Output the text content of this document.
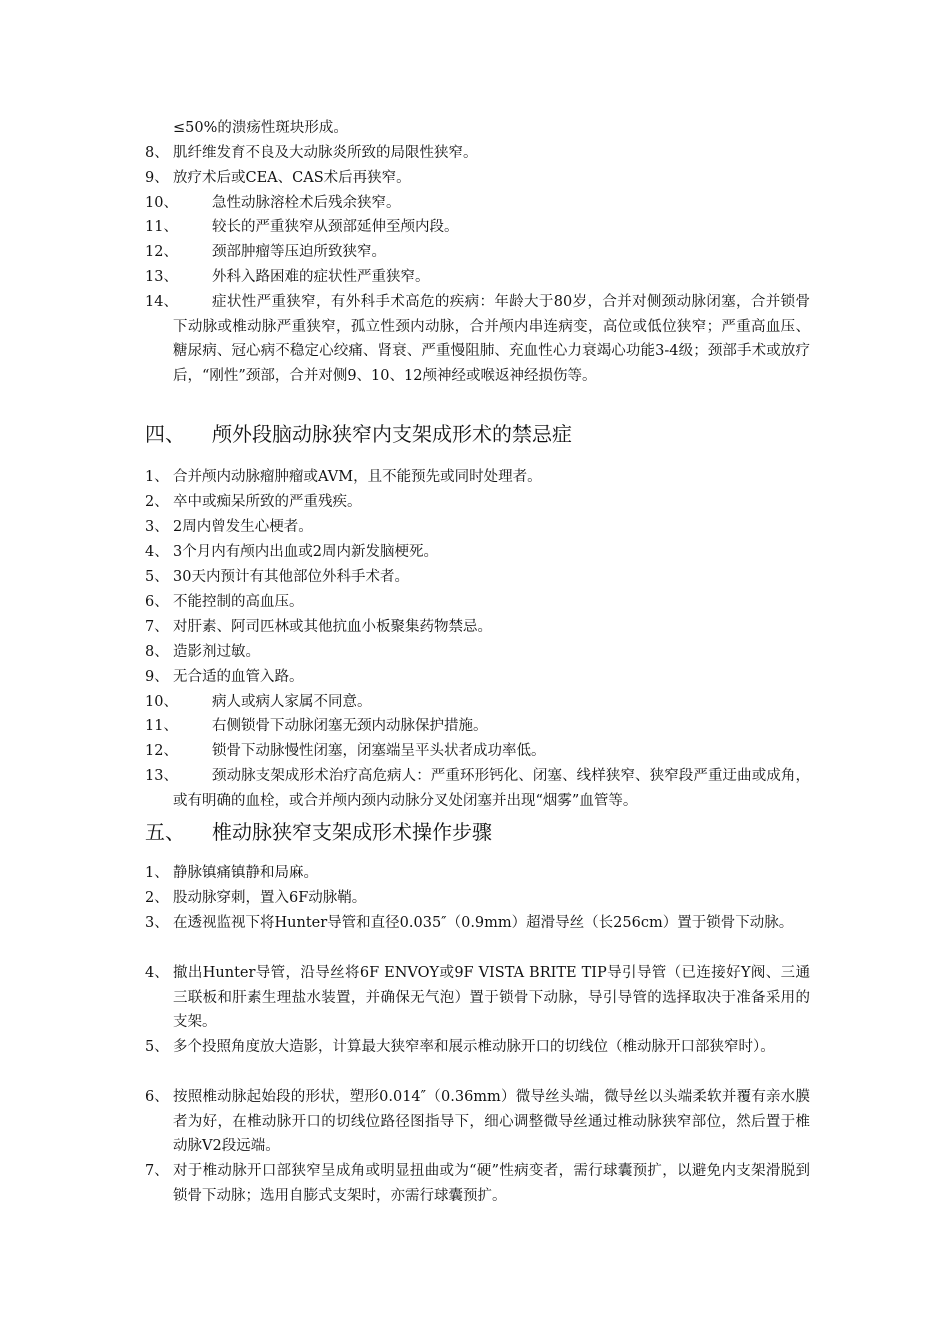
≤50%的溃疡性斑块形成。
8、 肌纤维发育不良及大动脉炎所致的局限性狭窄。
9、 放疗术后或CEA、CAS术后再狭窄。
10、	急性动脉溶栓术后残余狭窄。
11、	较长的严重狭窄从颈部延伸至颅内段。
12、	颈部肿瘤等压迫所致狭窄。
13、	外科入路困难的症状性严重狭窄。
14、	症状性严重狭窄，有外科手术高危的疾病：年龄大于80岁，合并对侧颈动脉闭塞，合并锁骨下动脉或椎动脉严重狭窄，孤立性颈内动脉，合并颅内串连病变，高位或低位狭窄；严重高血压、糖尿病、冠心病不稳定心绞痛、肾衰、严重慢阻肺、充血性心力衰竭心功能3-4级；颈部手术或放疗后，“刚性”颈部，合并对侧9、10、12颅神经或喉返神经损伤等。
四、 颅外段脑动脉狭窄内支架成形术的禁忌症
1、 合并颅内动脉瘤肿瘤或AVM，且不能预先或同时处理者。
2、 卒中或痴呆所致的严重残疾。
3、 2周内曾发生心梗者。
4、 3个月内有颅内出血或2周内新发脑梗死。
5、 30天内预计有其他部位外科手术者。
6、 不能控制的高血压。
7、 对肝素、阿司匹林或其他抗血小板聚集药物禁忌。
8、 造影剂过敏。
9、 无合适的血管入路。
10、	病人或病人家属不同意。
11、	右侧锁骨下动脉闭塞无颈内动脉保护措施。
12、	锁骨下动脉慢性闭塞，闭塞端呈平头状者成功率低。
13、	颈动脉支架成形术治疗高危病人：严重环形钙化、闭塞、线样狭窄、狭窄段严重迂曲或成角，或有明确的血栓，或合并颅内颈内动脉分叉处闭塞并出现“烟雾”血管等。
五、 椎动脉狭窄支架成形术操作步骤
1、 静脉镇痛镇静和局麻。
2、 股动脉穿刺，置入6F动脉鞘。
3、 在透视监视下将Hunter导管和直径0.035″（0.9mm）超滑导丝（长256cm）置于锁骨下动脉。
4、 撤出Hunter导管，沿导丝将6F ENVOY或9F VISTA BRITE TIP导引导管（已连接好Y阀、三通三联板和肝素生理盐水装置，并确保无气泡）置于锁骨下动脉，导引导管的选择取决于准备采用的支架。
5、 多个投照角度放大造影，计算最大狭窄率和展示椎动脉开口的切线位（椎动脉开口部狭窄时）。
6、 按照椎动脉起始段的形状，塑形0.014″（0.36mm）微导丝头端，微导丝以头端柔软并覆有亲水膜者为好，在椎动脉开口的切线位路径图指导下，细心调整微导丝通过椎动脉狭窄部位，然后置于椎动脉V2段远端。
7、 对于椎动脉开口部狭窄呈成角或明显扭曲或为“硬”性病变者，需行球囊预扩，以避免内支架滑脱到锁骨下动脉；选用自膨式支架时，亦需行球囊预扩。
